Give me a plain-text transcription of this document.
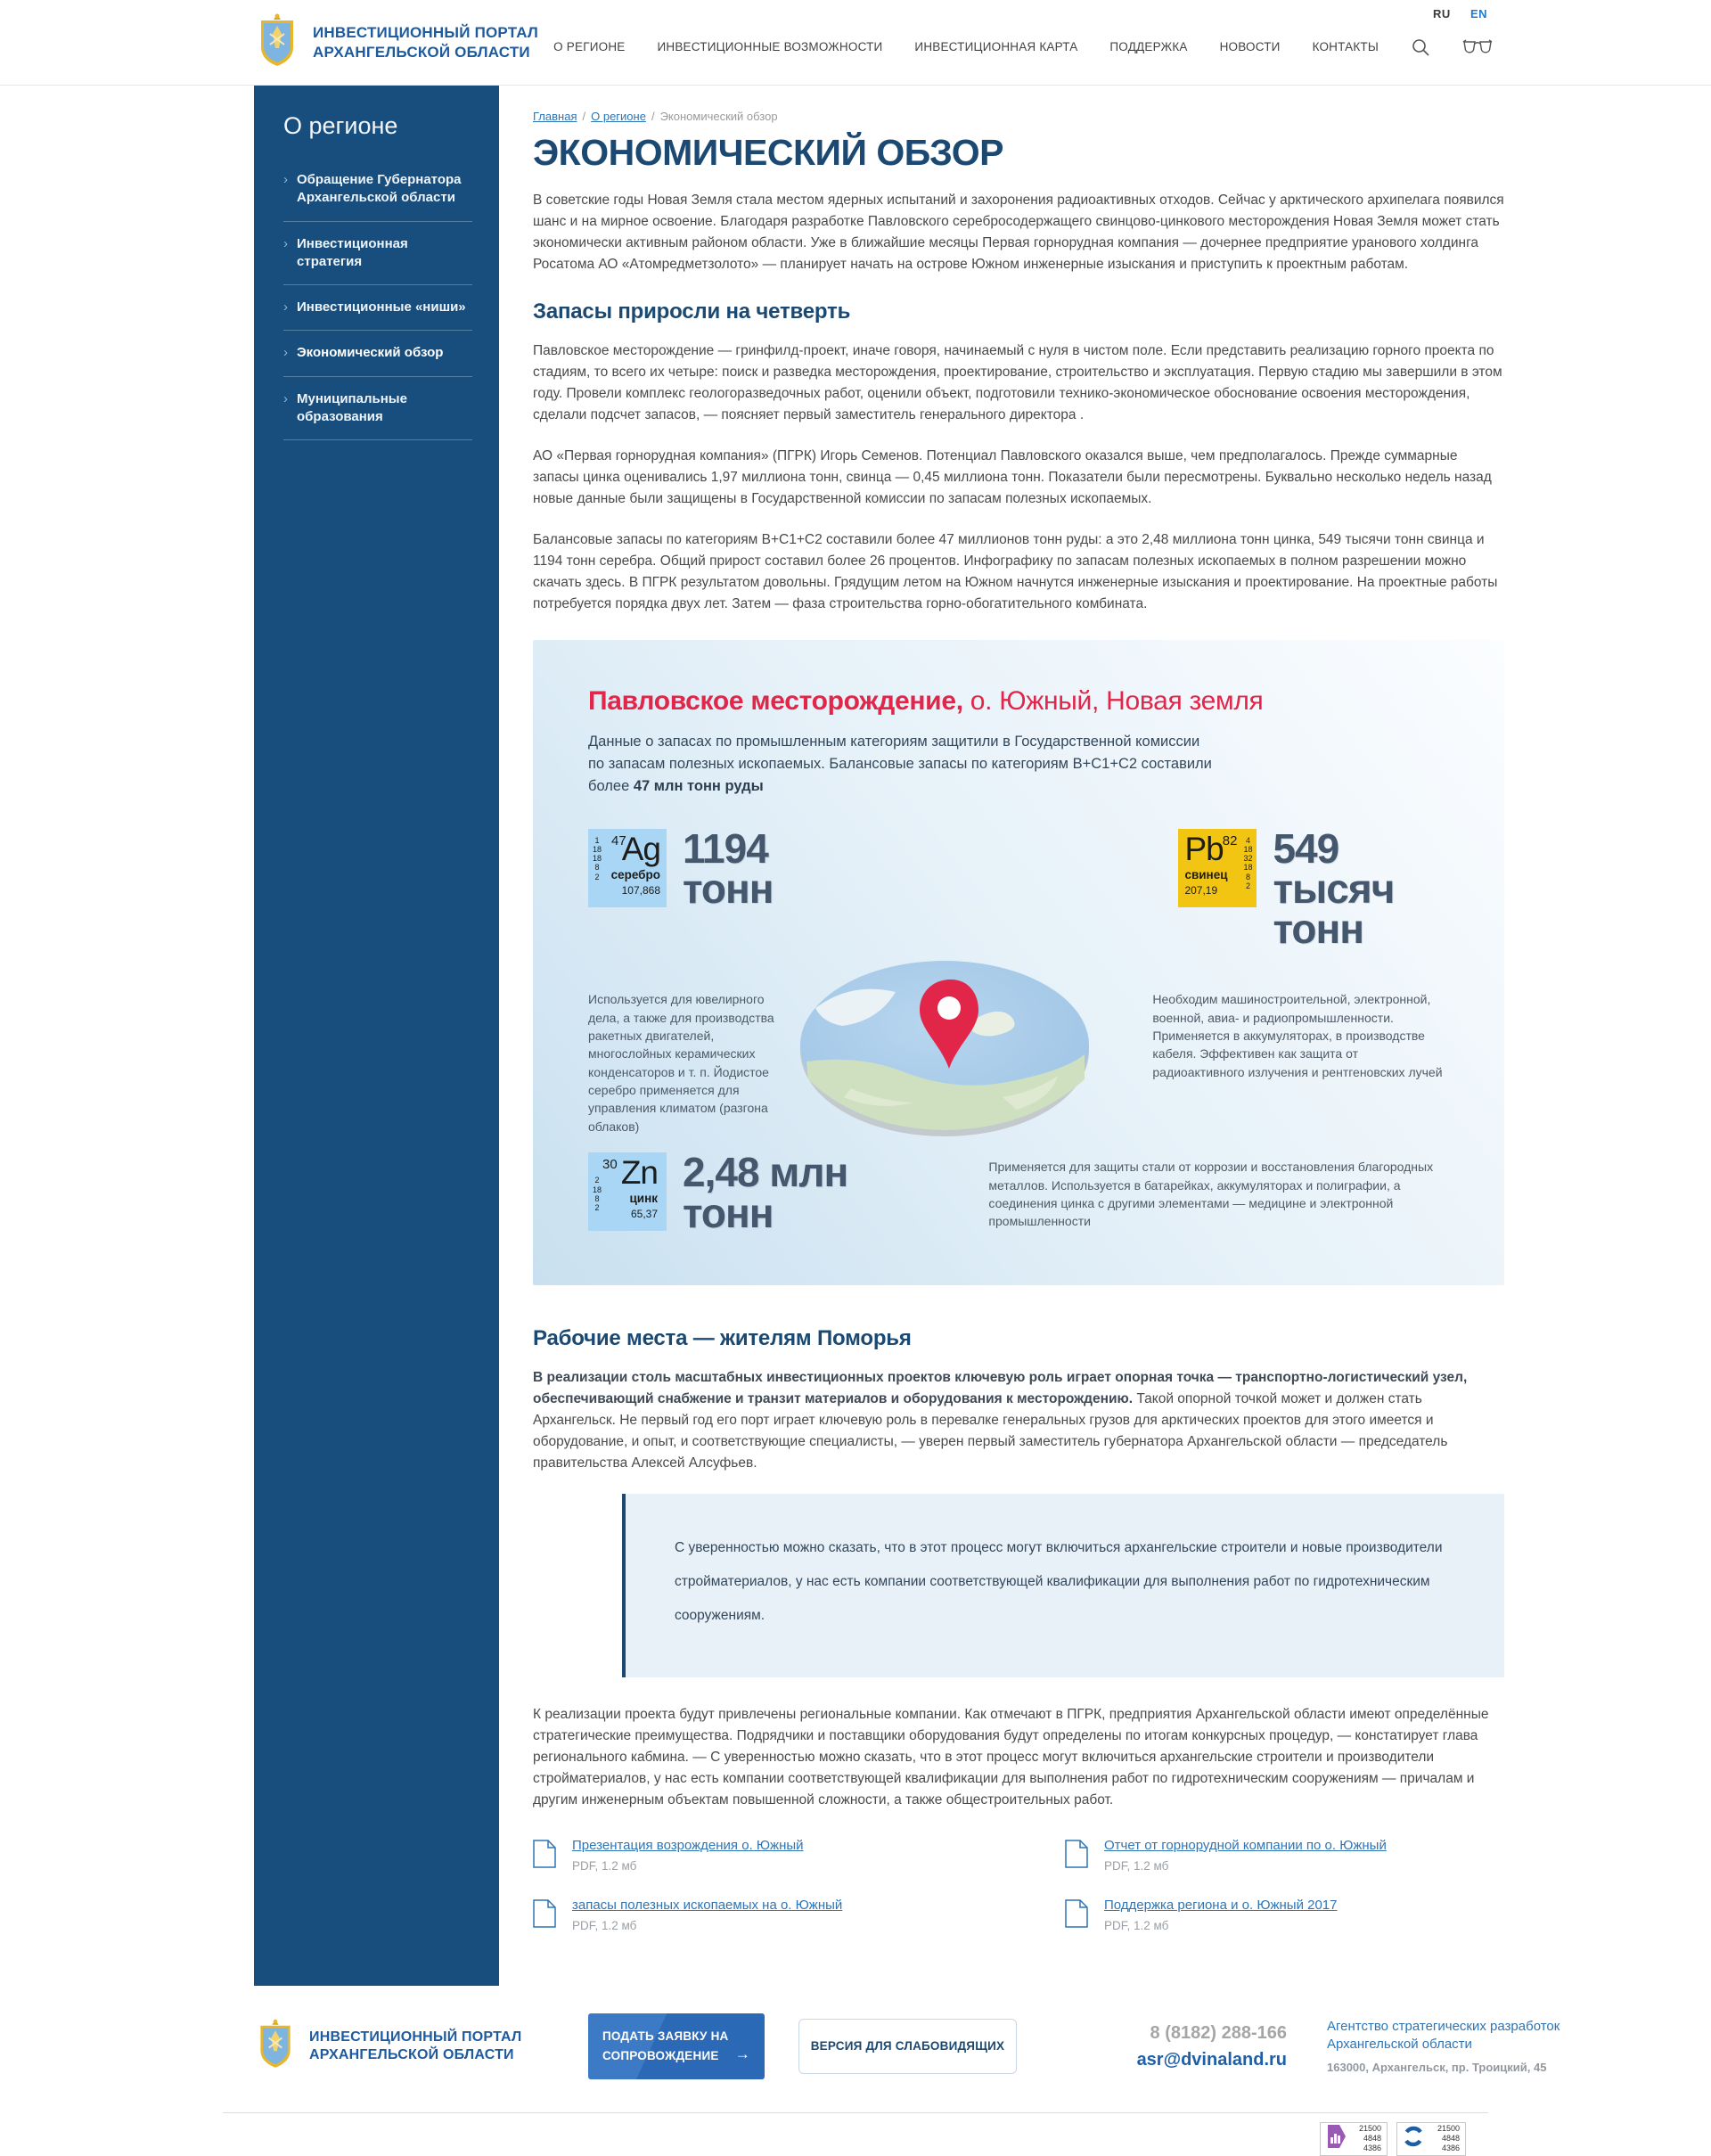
ИНВЕСТИЦИОННЫЙ ПОРТАЛ
АРХАНГЕЛЬСКОЙ ОБЛАСТИ
RU EN
О РЕГИОНЕ	ИНВЕСТИЦИОННЫЕ ВОЗМОЖНОСТИ	ИНВЕСТИЦИОННАЯ КАРТА	ПОДДЕРЖКА	НОВОСТИ	КОНТАКТЫ
О регионе
› Обращение Губернатора Архангельской области
› Инвестиционная стратегия
› Инвестиционные «ниши»
› Экономический обзор
› Муниципальные образования
Главная / О регионе / Экономический обзор
ЭКОНОМИЧЕСКИЙ ОБЗОР

В советские годы Новая Земля стала местом ядерных испытаний и захоронения радиоактивных отходов. Сейчас у арктического архипелага появился шанс и на мирное освоение. Благодаря разработке Павловского серебросодержащего свинцово-цинкового месторождения Новая Земля может стать экономически активным районом области. Уже в ближайшие месяцы Первая горнорудная компания — дочернее предприятие уранового холдинга Росатома АО «Атомредметзолото» — планирует начать на острове Южном инженерные изыскания и приступить к проектным работам.

Запасы приросли на четверть

Павловское месторождение — гринфилд-проект, иначе говоря, начинаемый с нуля в чистом поле. Если представить реализацию горного проекта по стадиям, то всего их четыре: поиск и разведка месторождения, проектирование, строительство и эксплуатация. Первую стадию мы завершили в этом году. Провели комплекс геологоразведочных работ, оценили объект, подготовили технико-экономическое обоснование освоения месторождения, сделали подсчет запасов, — поясняет первый заместитель генерального директора .

АО «Первая горнорудная компания» (ПГРК) Игорь Семенов. Потенциал Павловского оказался выше, чем предполагалось. Прежде суммарные запасы цинка оценивались 1,97 миллиона тонн, свинца — 0,45 миллиона тонн. Показатели были пересмотрены. Буквально несколько недель назад новые данные были защищены в Государственной комиссии по запасам полезных ископаемых.

Балансовые запасы по категориям B+C1+C2 составили более 47 миллионов тонн руды: а это 2,48 миллиона тонн цинка, 549 тысячи тонн свинца и 1194 тонн серебра. Общий прирост составил более 26 процентов. Инфографику по запасам полезных ископаемых в полном разрешении можно скачать здесь. В ПГРК результатом довольны. Грядущим летом на Южном начнутся инженерные изыскания и проектирование. На проектные работы потребуется порядка двух лет. Затем — фаза строительства горно-обогатительного комбината.

Павловское месторождение, о. Южный, Новая земля
Данные о запасах по промышленным категориям защитили в Государственной комиссии по запасам полезных ископаемых. Балансовые запасы по категориям В+С1+С2 составили более 47 млн тонн руды
1
18
18
8
2
47
Ag
серебро
107,868
1194
тонн
4
18
32
18
8
2
82
Pb
свинец
207,19
549 тысяч
тонн
Используется для ювелирного дела, а также для производства ракетных двигателей, многослойных керамических конденсаторов и т. п. Йодистое серебро применяется для управления климатом (разгона облаков)
Необходим машиностроительной, электронной, военной, авиа- и радиопромышленности. Применяется в аккумуляторах, в производстве кабеля. Эффективен как защита от радиоактивного излучения и рентгеновских лучей
2
18
8
2
30 Zn
цинк
65,37
2,48 млн
тонн
Применяется для защиты стали от коррозии и восстановления благородных металлов. Используется в батарейках, аккумуляторах и полиграфии, а соединения цинка с другими элементами — медицине и электронной промышленности
Рабочие места — жителям Поморья

В реализации столь масштабных инвестиционных проектов ключевую роль играет опорная точка — транспортно-логистический узел, обеспечивающий снабжение и транзит материалов и оборудования к месторождению. Такой опорной точкой может и должен стать Архангельск. Не первый год его порт играет ключевую роль в перевалке генеральных грузов для арктических проектов для этого имеется и оборудование, и опыт, и соответствующие специалисты, — уверен первый заместитель губернатора Архангельской области — председатель правительства Алексей Алсуфьев.

С уверенностью можно сказать, что в этот процесс могут включиться архангельские строители и новые производители стройматериалов, у нас есть компании соответствующей квалификации для выполнения работ по гидротехническим сооружениям.

К реализации проекта будут привлечены региональные компании. Как отмечают в ПГРК, предприятия Архангельской области имеют определённые стратегические преимущества. Подрядчики и поставщики оборудования будут определены по итогам конкурсных процедур, — констатирует глава регионального кабмина. — С уверенностью можно сказать, что в этот процесс могут включиться архангельские строители и производители стройматериалов, у нас есть компании соответствующей квалификации для выполнения работ по гидротехническим сооружениям — причалам и другим инженерным объектам повышенной сложности, а также общестроительных работ.

Презентация возрождения о. Южный
PDF, 1.2 мб
Отчет от горнорудной компании по о. Южный
PDF, 1.2 мб
запасы полезных ископаемых на о. Южный
PDF, 1.2 мб
Поддержка региона и о. Южный 2017
PDF, 1.2 мб
ИНВЕСТИЦИОННЫЙ ПОРТАЛ
АРХАНГЕЛЬСКОЙ ОБЛАСТИ
ПОДАТЬ ЗАЯВКУ НА СОПРОВОЖДЕНИЕ →	ВЕРСИЯ ДЛЯ СЛАБОВИДЯЩИХ
8 (8182) 288-166
asr@dvinaland.ru
Агентство стратегических разработок Архангельской области
163000, Архангельск, пр. Троицкий, 45
21500
4848
4386
21500
4848
4386
